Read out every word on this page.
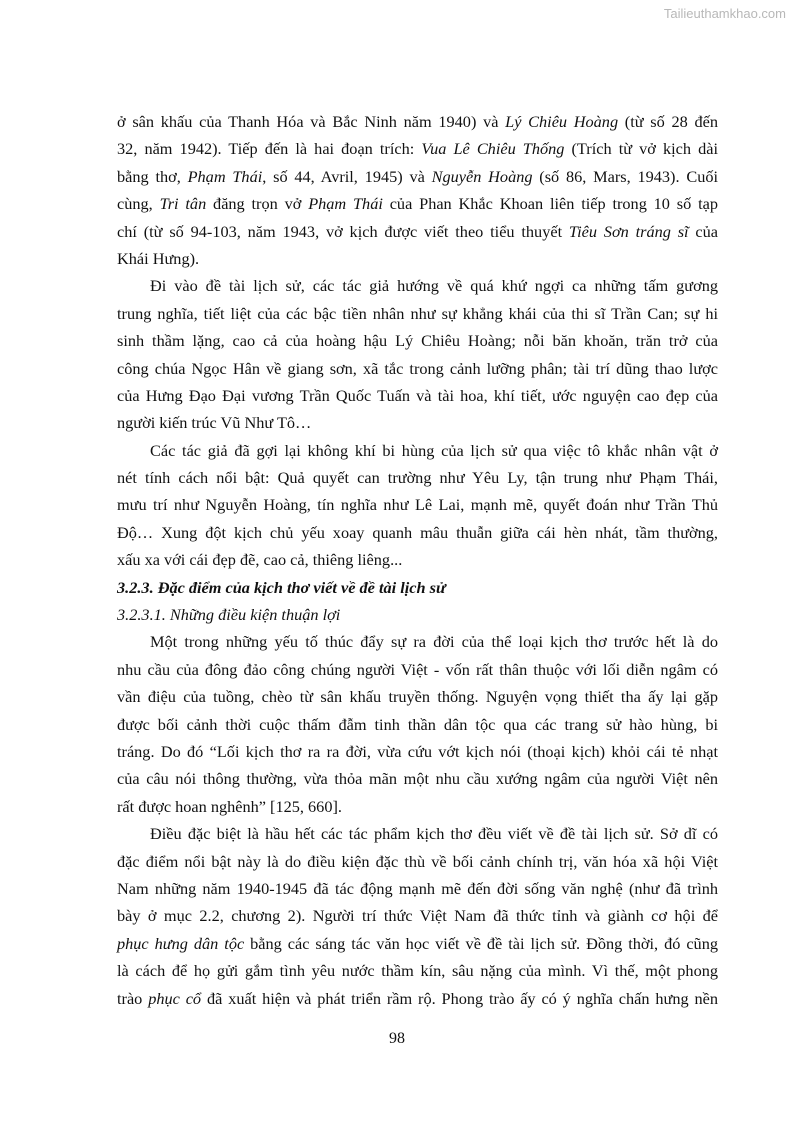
Tailieuthamkhao.com
ở sân khấu của Thanh Hóa và Bắc Ninh năm 1940) và Lý Chiêu Hoàng (từ số 28 đến
32, năm 1942). Tiếp đến là hai đoạn trích: Vua Lê Chiêu Thống (Trích từ vở kịch dài
bằng thơ, Phạm Thái, số 44, Avril, 1945) và Nguyễn Hoàng (số 86, Mars, 1943). Cuối
cùng, Tri tân đăng trọn vở Phạm Thái của Phan Khắc Khoan liên tiếp trong 10 số tạp
chí (từ số 94-103, năm 1943, vở kịch được viết theo tiểu thuyết Tiêu Sơn tráng sĩ của
Khái Hưng).
Đi vào đề tài lịch sử, các tác giả hướng về quá khứ ngợi ca những tấm gương
trung nghĩa, tiết liệt của các bậc tiền nhân như sự khẳng khái của thi sĩ Trần Can; sự hi
sinh thầm lặng, cao cả của hoàng hậu Lý Chiêu Hoàng; nỗi băn khoăn, trăn trở của
công chúa Ngọc Hân về giang sơn, xã tắc trong cảnh lưỡng phân; tài trí dũng thao lược
của Hưng Đạo Đại vương Trần Quốc Tuấn và tài hoa, khí tiết, ước nguyện cao đẹp của
người kiến trúc Vũ Như Tô…
Các tác giả đã gợi lại không khí bi hùng của lịch sử qua việc tô khắc nhân vật ở
nét tính cách nổi bật: Quả quyết can trường như Yêu Ly, tận trung như Phạm Thái,
mưu trí như Nguyễn Hoàng, tín nghĩa như Lê Lai, mạnh mẽ, quyết đoán như Trần Thủ
Độ… Xung đột kịch chủ yếu xoay quanh mâu thuẫn giữa cái hèn nhát, tầm thường,
xấu xa với cái đẹp đẽ, cao cả, thiêng liêng...
3.2.3. Đặc điểm của kịch thơ viết về đề tài lịch sử
3.2.3.1. Những điều kiện thuận lợi
Một trong những yếu tố thúc đẩy sự ra đời của thể loại kịch thơ trước hết là do
nhu cầu của đông đảo công chúng người Việt - vốn rất thân thuộc với lối diễn ngâm có
vần điệu của tuồng, chèo từ sân khấu truyền thống. Nguyện vọng thiết tha ấy lại gặp
được bối cảnh thời cuộc thấm đẫm tinh thần dân tộc qua các trang sử hào hùng, bi
tráng. Do đó “Lối kịch thơ ra ra đời, vừa cứu vớt kịch nói (thoại kịch) khỏi cái tẻ nhạt
của câu nói thông thường, vừa thỏa mãn một nhu cầu xướng ngâm của người Việt nên
rất được hoan nghênh” [125, 660].
Điều đặc biệt là hầu hết các tác phẩm kịch thơ đều viết về đề tài lịch sử. Sở dĩ có
đặc điểm nổi bật này là do điều kiện đặc thù về bối cảnh chính trị, văn hóa xã hội Việt
Nam những năm 1940-1945 đã tác động mạnh mẽ đến đời sống văn nghệ (như đã trình
bày ở mục 2.2, chương 2). Người trí thức Việt Nam đã thức tỉnh và giành cơ hội để
phục hưng dân tộc bằng các sáng tác văn học viết về đề tài lịch sử. Đồng thời, đó cũng
là cách để họ gửi gắm tình yêu nước thầm kín, sâu nặng của mình. Vì thế, một phong
trào phục cổ đã xuất hiện và phát triển rầm rộ. Phong trào ấy có ý nghĩa chấn hưng nền
98
